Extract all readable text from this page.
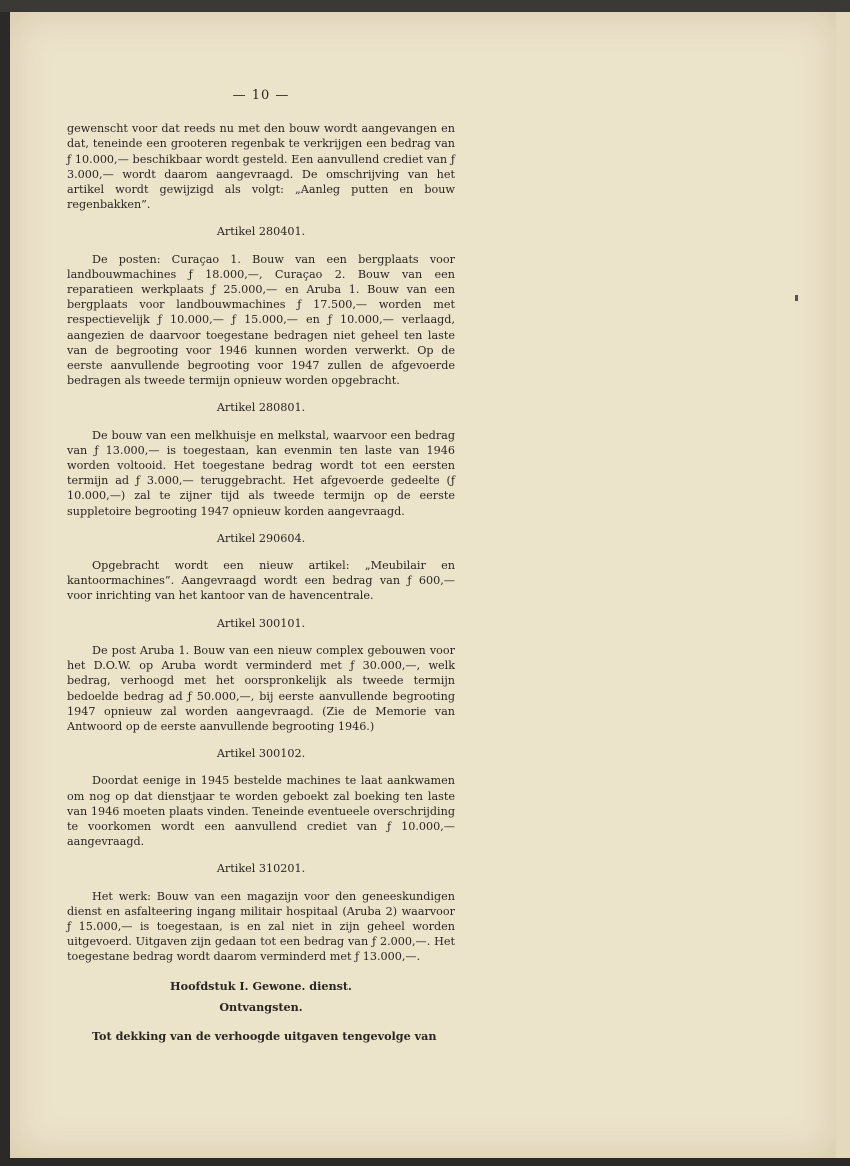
— 10 —

gewenscht voor dat reeds nu met den bouw wordt aangevangen en dat, teneinde een grooteren regenbak te verkrijgen een bedrag van ƒ 10.000,— beschikbaar wordt gesteld. Een aanvullend crediet van ƒ 3.000,— wordt daarom aangevraagd. De omschrijving van het artikel wordt gewijzigd als volgt: „Aanleg putten en bouw regenbakken”.

Artikel 280401.

De posten: Curaçao 1. Bouw van een bergplaats voor landbouwmachines ƒ 18.000,—, Curaçao 2. Bouw van een reparatieen werkplaats ƒ 25.000,— en Aruba 1. Bouw van een bergplaats voor landbouwmachines ƒ 17.500,— worden met respectievelijk ƒ 10.000,— ƒ 15.000,— en ƒ 10.000,— verlaagd, aangezien de daarvoor toegestane bedragen niet geheel ten laste van de begrooting voor 1946 kunnen worden verwerkt. Op de eerste aanvullende begrooting voor 1947 zullen de afgevoerde bedragen als tweede termijn opnieuw worden opgebracht.

Artikel 280801.

De bouw van een melkhuisje en melkstal, waarvoor een bedrag van ƒ 13.000,— is toegestaan, kan evenmin ten laste van 1946 worden voltooid. Het toegestane bedrag wordt tot een eersten termijn ad ƒ 3.000,— teruggebracht. Het afgevoerde gedeelte (ƒ 10.000,—) zal te zijner tijd als tweede termijn op de eerste suppletoire begrooting 1947 opnieuw korden aangevraagd.

Artikel 290604.

Opgebracht wordt een nieuw artikel: „Meubilair en kantoormachines”. Aangevraagd wordt een bedrag van ƒ 600,— voor inrichting van het kantoor van de havencentrale.

Artikel 300101.

De post Aruba 1. Bouw van een nieuw complex gebouwen voor het D.O.W. op Aruba wordt verminderd met ƒ 30.000,—, welk bedrag, verhoogd met het oorspronkelijk als tweede termijn bedoelde bedrag ad ƒ 50.000,—, bij eerste aanvullende begrooting 1947 opnieuw zal worden aangevraagd. (Zie de Memorie van Antwoord op de eerste aanvullende begrooting 1946.)

Artikel 300102.

Doordat eenige in 1945 bestelde machines te laat aankwamen om nog op dat dienstjaar te worden geboekt zal boeking ten laste van 1946 moeten plaats vinden. Teneinde eventueele overschrijding te voorkomen wordt een aanvullend crediet van ƒ 10.000,— aangevraagd.

Artikel 310201.

Het werk: Bouw van een magazijn voor den geneeskundigen dienst en asfalteering ingang militair hospitaal (Aruba 2) waarvoor ƒ 15.000,— is toegestaan, is en zal niet in zijn geheel worden uitgevoerd. Uitgaven zijn gedaan tot een bedrag van ƒ 2.000,—. Het toegestane bedrag wordt daarom verminderd met ƒ 13.000,—.

Hoofdstuk I. Gewone. dienst.
Ontvangsten.

Tot dekking van de verhoogde uitgaven tengevolge van
